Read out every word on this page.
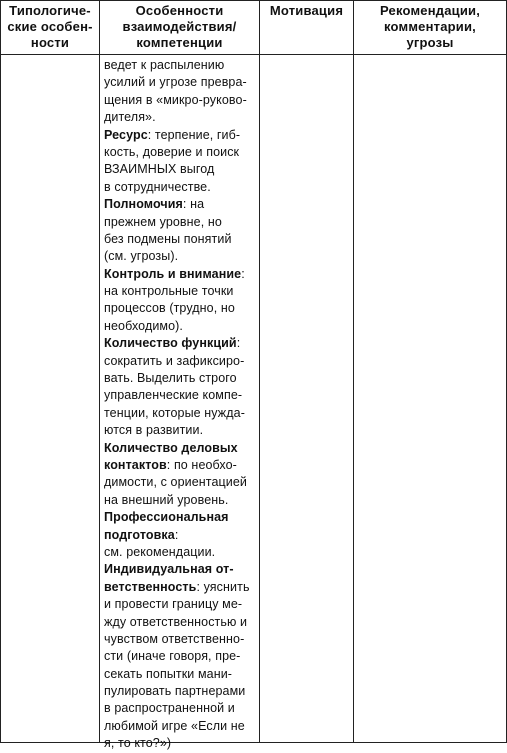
Типологиче-
ские особен-
ности
Особенности
взаимодействия/
компетенции
Мотивация	Рекомендации,
комментарии,
угрозы
ведет к распылению
усилий и угрозе превра-
щения в «микро-руково-
дителя».
Ресурс: терпение, гиб-
кость, доверие и поиск
ВЗАИМНЫХ выгод
в сотрудничестве.
Полномочия: на
прежнем уровне, но
без подмены понятий
(см. угрозы).
Контроль и внимание:
на контрольные точки
процессов (трудно, но
необходимо).
Количество функций:
сократить и зафиксиро-
вать. Выделить строго
управленческие компе-
тенции, которые нужда-
ются в развитии.
Количество деловых
контактов: по необхо-
димости, с ориентацией
на внешний уровень.
Профессиональная
подготовка:
см. рекомендации.
Индивидуальная от-
ветственность: уяснить
и провести границу ме-
жду ответственностью и
чувством ответственно-
сти (иначе говоря, пре-
секать попытки мани-
пулировать партнерами
в распространенной и
любимой игре «Если не
я, то кто?»)
